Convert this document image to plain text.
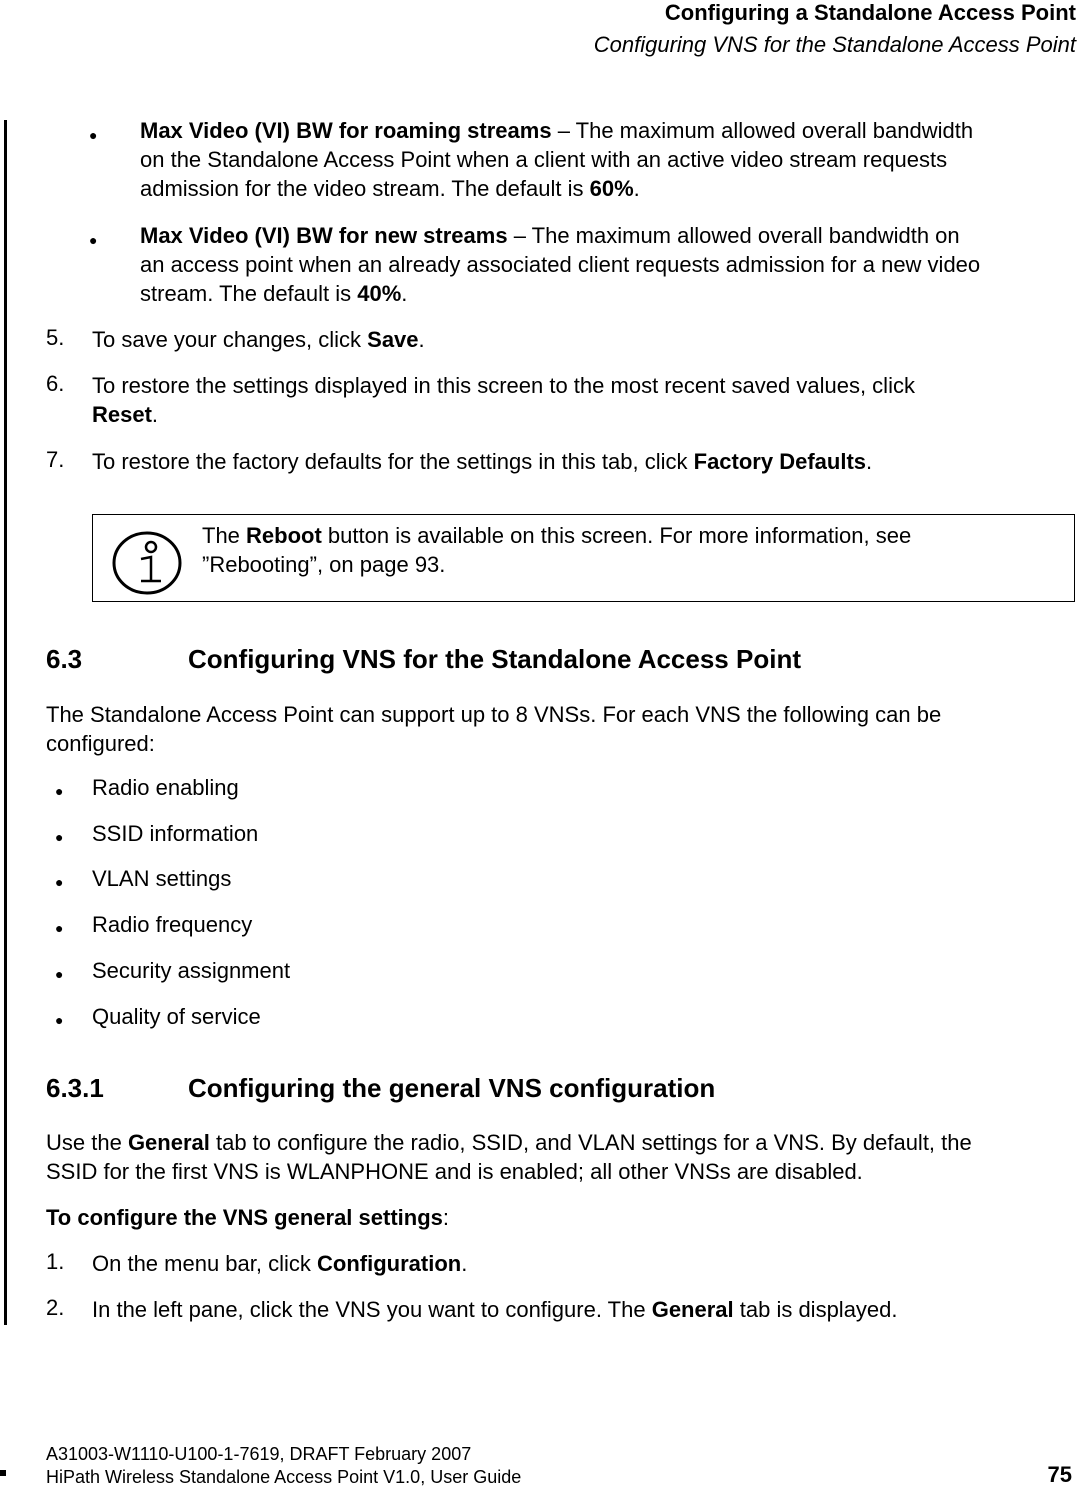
Configuring a Standalone Access Point
Configuring VNS for the Standalone Access Point
● Max Video (VI) BW for roaming streams – The maximum allowed overall bandwidth

on the Standalone Access Point when a client with an active video stream requests

admission for the video stream. The default is 60%.

● Max Video (VI) BW for new streams – The maximum allowed overall bandwidth on

an access point when an already associated client requests admission for a new video

stream. The default is 40%.

5. To save your changes, click Save.

6. To restore the settings displayed in this screen to the most recent saved values, click

Reset.

7. To restore the factory defaults for the settings in this tab, click Factory Defaults.

The Reboot button is available on this screen. For more information, see

”Rebooting”, on page 93.

6.3	Configuring VNS for the Standalone Access Point

The Standalone Access Point can support up to 8 VNSs. For each VNS the following can be

configured:

● Radio enabling
● SSID information
● VLAN settings
● Radio frequency
● Security assignment
● Quality of service
6.3.1	Configuring the general VNS configuration

Use the General tab to configure the radio, SSID, and VLAN settings for a VNS. By default, the

SSID for the first VNS is WLANPHONE and is enabled; all other VNSs are disabled.

To configure the VNS general settings:

1. On the menu bar, click Configuration.

2. In the left pane, click the VNS you want to configure. The General tab is displayed.

A31003-W1110-U100-1-7619, DRAFT February 2007
HiPath Wireless Standalone Access Point V1.0, User Guide	75
